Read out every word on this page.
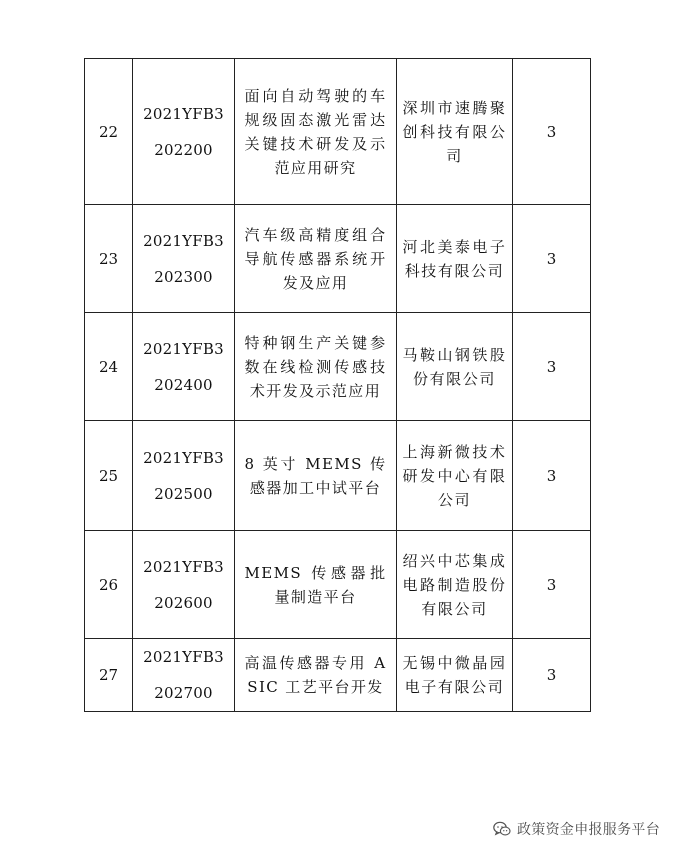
22	2021YFB3202200	面向自动驾驶的车规级固态激光雷达关键技术研发及示范应用研究	深圳市速腾聚创科技有限公司	3

23	2021YFB3202300	汽车级高精度组合导航传感器系统开发及应用	河北美泰电子科技有限公司	3

24	2021YFB3202400	特种钢生产关键参数在线检测传感技术开发及示范应用	马鞍山钢铁股份有限公司	3

25	2021YFB3202500	8 英寸 MEMS 传感器加工中试平台	上海新微技术研发中心有限公司	3

26	2021YFB3202600	MEMS 传感器批量制造平台	绍兴中芯集成电路制造股份有限公司	3

27	2021YFB3202700	高温传感器专用 ASIC 工艺平台开发	无锡中微晶园电子有限公司	3
政策资金申报服务平台
